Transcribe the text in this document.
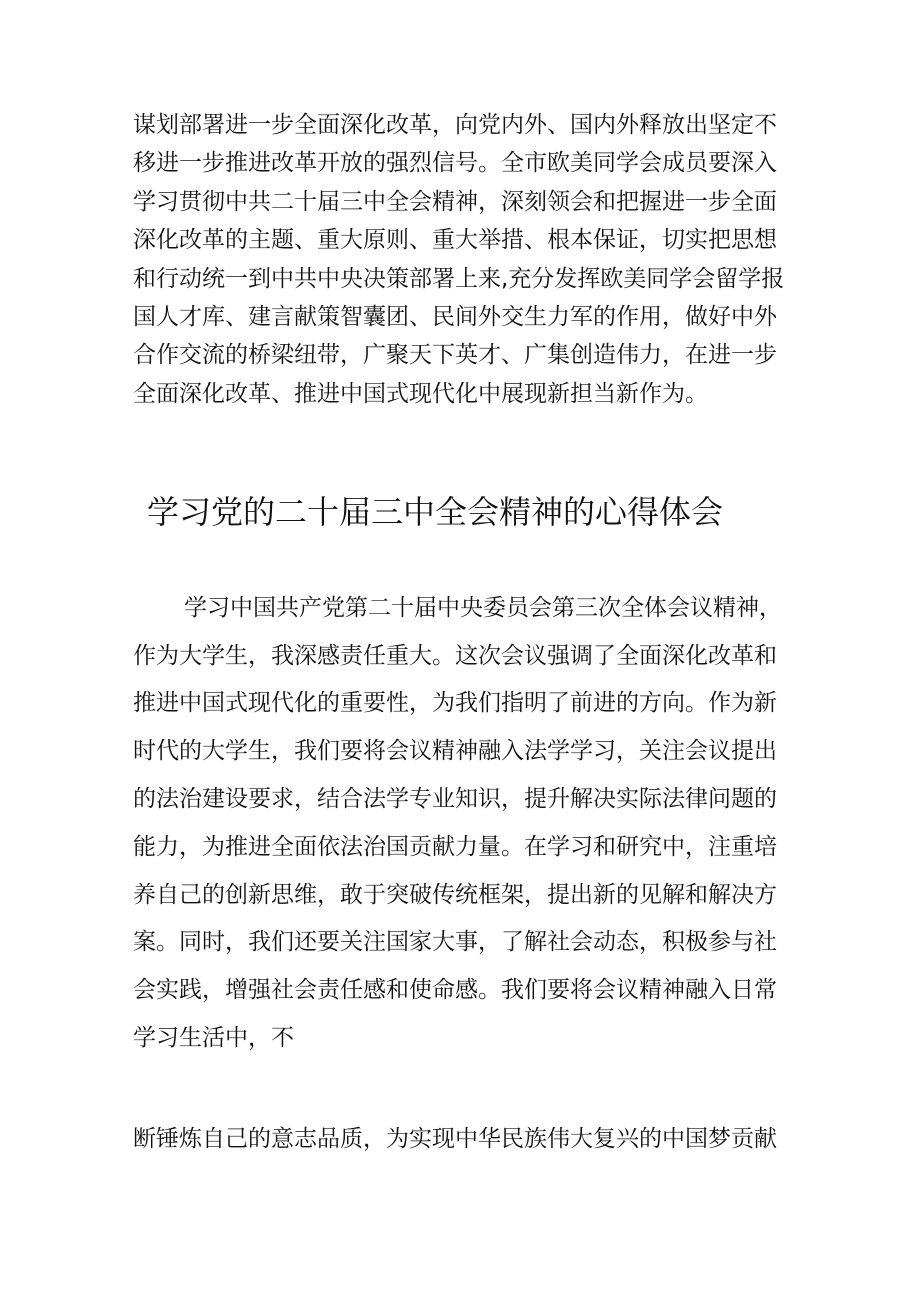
谋划部署进一步全面深化改革，向党内外、国内外释放出坚定不
移进一步推进改革开放的强烈信号。全市欧美同学会成员要深入
学习贯彻中共二十届三中全会精神，深刻领会和把握进一步全面
深化改革的主题、重大原则、重大举措、根本保证，切实把思想
和行动统一到中共中央决策部署上来,充分发挥欧美同学会留学报
国人才库、建言献策智囊团、民间外交生力军的作用，做好中外
合作交流的桥梁纽带，广聚天下英才、广集创造伟力，在进一步
全面深化改革、推进中国式现代化中展现新担当新作为。
学习党的二十届三中全会精神的心得体会
学习中国共产党第二十届中央委员会第三次全体会议精神，
作为大学生，我深感责任重大。这次会议强调了全面深化改革和
推进中国式现代化的重要性，为我们指明了前进的方向。作为新
时代的大学生，我们要将会议精神融入法学学习，关注会议提出
的法治建设要求，结合法学专业知识，提升解决实际法律问题的
能力，为推进全面依法治国贡献力量。在学习和研究中，注重培
养自己的创新思维，敢于突破传统框架，提出新的见解和解决方
案。同时，我们还要关注国家大事，了解社会动态，积极参与社
会实践，增强社会责任感和使命感。我们要将会议精神融入日常
学习生活中，不
断锤炼自己的意志品质，为实现中华民族伟大复兴的中国梦贡献
